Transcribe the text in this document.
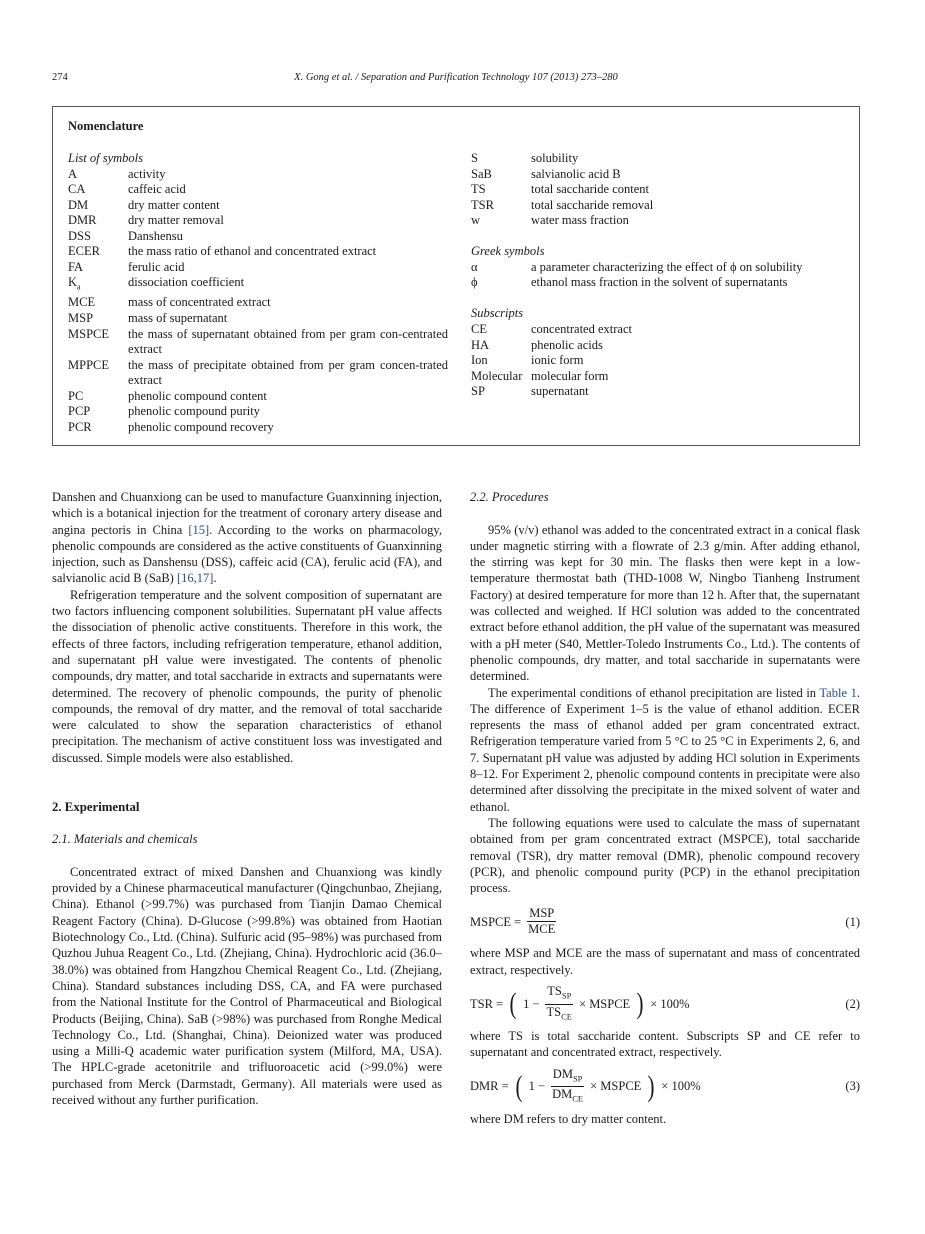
274	X. Gong et al. / Separation and Purification Technology 107 (2013) 273–280
Nomenclature
List of symbols
A	activity
CA	caffeic acid
DM	dry matter content
DMR	dry matter removal
DSS	Danshensu
ECER	the mass ratio of ethanol and concentrated extract
FA	ferulic acid
$K_a$	dissociation coefficient
MCE	mass of concentrated extract
MSP	mass of supernatant
MSPCE	the mass of supernatant obtained from per gram con-centrated extract
MPPCE	the mass of precipitate obtained from per gram concen-trated extract
PC	phenolic compound content
PCP	phenolic compound purity
PCR	phenolic compound recovery
S	solubility
SaB	salvianolic acid B
TS	total saccharide content
TSR	total saccharide removal
w	water mass fraction
Greek symbols
α	a parameter characterizing the effect of ϕ on solubility
ϕ	ethanol mass fraction in the solvent of supernatants
Subscripts
CE	concentrated extract
HA	phenolic acids
Ion	ionic form
Molecular molecular form
SP	supernatant

Danshen and Chuanxiong can be used to manufacture Guanxinning injection, which is a botanical injection for the treatment of coronary artery disease and angina pectoris in China [15]. According to the works on pharmacology, phenolic compounds are considered as the active constituents of Guanxinning injection, such as Danshensu (DSS), caffeic acid (CA), ferulic acid (FA), and salvianolic acid B (SaB) [16,17].

Refrigeration temperature and the solvent composition of supernatant are two factors influencing component solubilities. Supernatant pH value affects the dissociation of phenolic active constituents. Therefore in this work, the effects of three factors, including refrigeration temperature, ethanol addition, and supernatant pH value were investigated. The contents of phenolic compounds, dry matter, and total saccharide in extracts and supernatants were determined. The recovery of phenolic compounds, the purity of phenolic compounds, the removal of dry matter, and the removal of total saccharide were calculated to show the separation characteristics of ethanol precipitation. The mechanism of active constituent loss was investigated and discussed. Simple models were also established.

2. Experimental
2.1. Materials and chemicals

Concentrated extract of mixed Danshen and Chuanxiong was kindly provided by a Chinese pharmaceutical manufacturer (Qingchunbao, Zhejiang, China). Ethanol (>99.7%) was purchased from Tianjin Damao Chemical Reagent Factory (China). D-Glucose (>99.8%) was obtained from Haotian Biotechnology Co., Ltd. (China). Sulfuric acid (95–98%) was purchased from Quzhou Juhua Reagent Co., Ltd. (Zhejiang, China). Hydrochloric acid (36.0–38.0%) was obtained from Hangzhou Chemical Reagent Co., Ltd. (Zhejiang, China). Standard substances including DSS, CA, and FA were purchased from the National Institute for the Control of Pharmaceutical and Biological Products (Beijing, China). SaB (>98%) was purchased from Ronghe Medical Technology Co., Ltd. (Shanghai, China). Deionized water was produced using a Milli-Q academic water purification system (Milford, MA, USA). The HPLC-grade acetonitrile and trifluoroacetic acid (>99.0%) were purchased from Merck (Darmstadt, Germany). All materials were used as received without any further purification.

2.2. Procedures

95% (v/v) ethanol was added to the concentrated extract in a conical flask under magnetic stirring with a flowrate of 2.3 g/min. After adding ethanol, the stirring was kept for 30 min. The flasks then were kept in a low-temperature thermostat bath (THD-1008 W, Ningbo Tianheng Instrument Factory) at desired temperature for more than 12 h. After that, the supernatant was collected and weighed. If HCl solution was added to the concentrated extract before ethanol addition, the pH value of the supernatant was measured with a pH meter (S40, Mettler-Toledo Instruments Co., Ltd.). The contents of phenolic compounds, dry matter, and total saccharide in supernatants were determined.

The experimental conditions of ethanol precipitation are listed in Table 1. The difference of Experiment 1–5 is the value of ethanol addition. ECER represents the mass of ethanol added per gram concentrated extract. Refrigeration temperature varied from 5 °C to 25 °C in Experiments 2, 6, and 7. Supernatant pH value was adjusted by adding HCl solution in Experiments 8–12. For Experiment 2, phenolic compound contents in precipitate were also determined after dissolving the precipitate in the mixed solvent of water and ethanol.

The following equations were used to calculate the mass of supernatant obtained from per gram concentrated extract (MSPCE), total saccharide removal (TSR), dry matter removal (DMR), phenolic compound recovery (PCR), and phenolic compound purity (PCP) in the ethanol precipitation process.

MSPCE = $\frac{\text{MSP}}{\text{MCE}}$	(1)

where MSP and MCE are the mass of supernatant and mass of concentrated extract, respectively.

TSR = ( $1 - \frac{TS_{SP}}{TS_{CE}}$ × MSPCE ) × 100%	(2)

where TS is total saccharide content. Subscripts SP and CE refer to supernatant and concentrated extract, respectively.

DMR = ( $1 - \frac{DM_{SP}}{DM_{CE}}$ × MSPCE ) × 100%	(3)

where DM refers to dry matter content.
